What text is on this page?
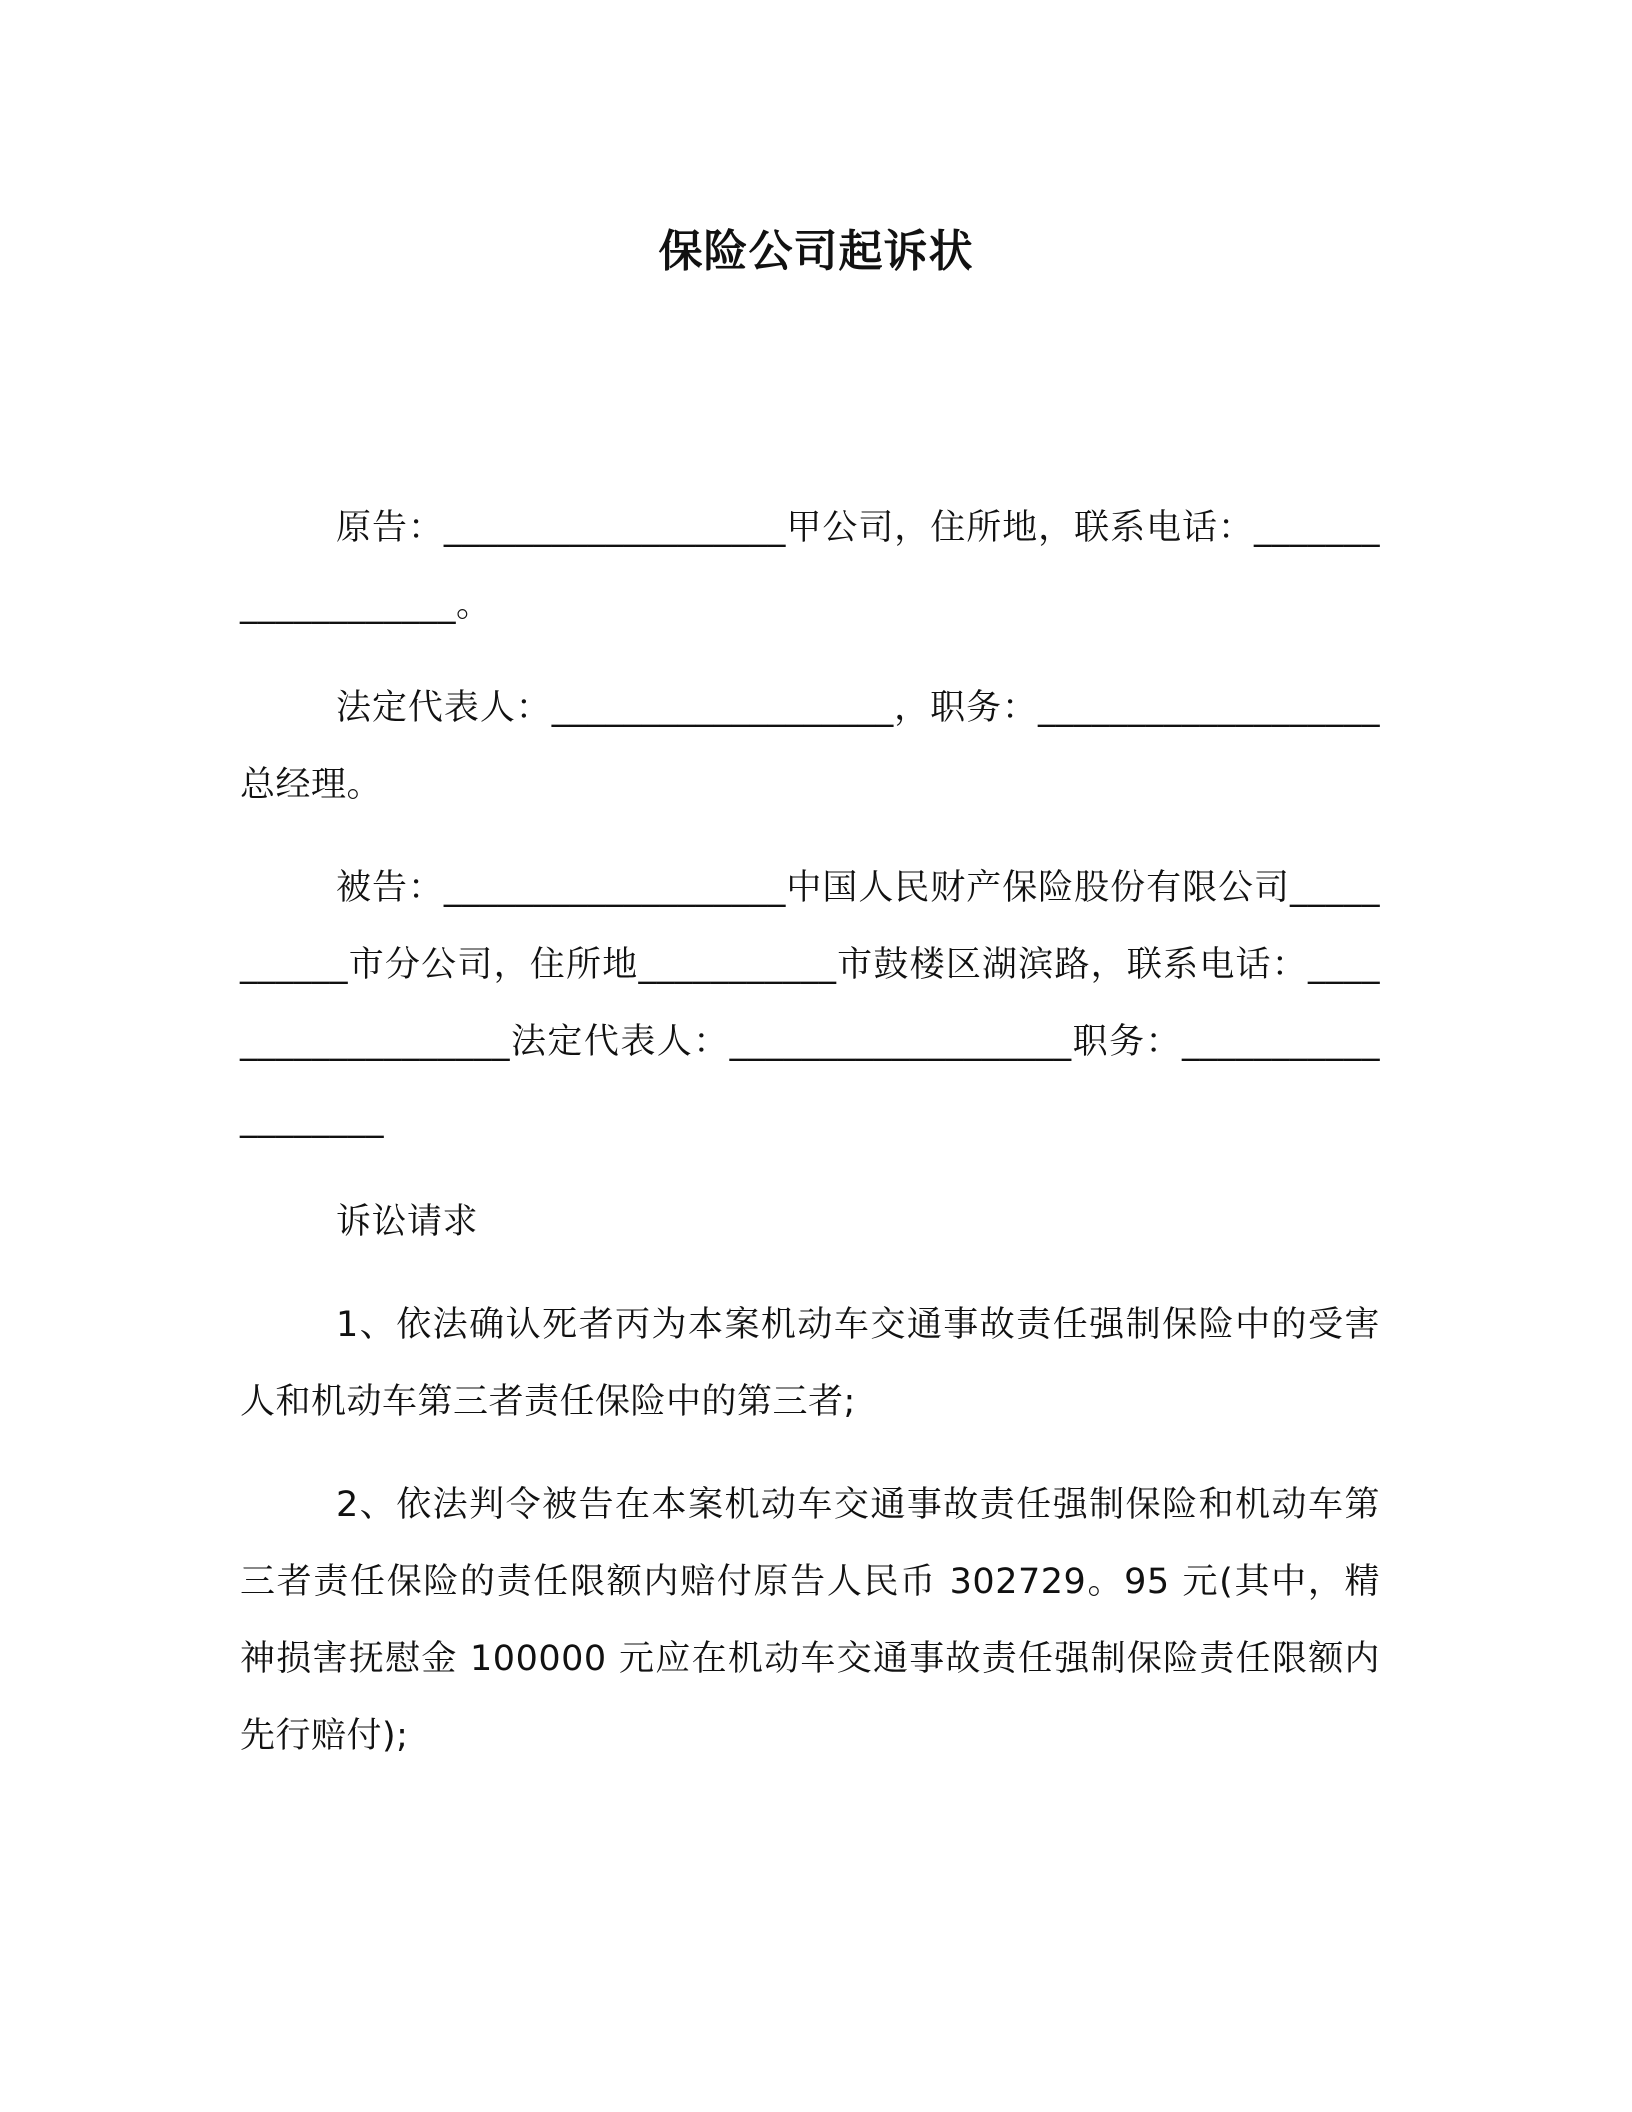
保险公司起诉状

原告：___________________甲公司，住所地，联系电话：___________________。

法定代表人：___________________，职务：___________________总经理。

被告：___________________中国人民财产保险股份有限公司___________市分公司，住所地___________市鼓楼区湖滨路，联系电话：___________________法定代表人：___________________职务：___________________

诉讼请求

1、依法确认死者丙为本案机动车交通事故责任强制保险中的受害人和机动车第三者责任保险中的第三者;

2、依法判令被告在本案机动车交通事故责任强制保险和机动车第三者责任保险的责任限额内赔付原告人民币 302729。95 元(其中，精神损害抚慰金 100000 元应在机动车交通事故责任强制保险责任限额内先行赔付);
